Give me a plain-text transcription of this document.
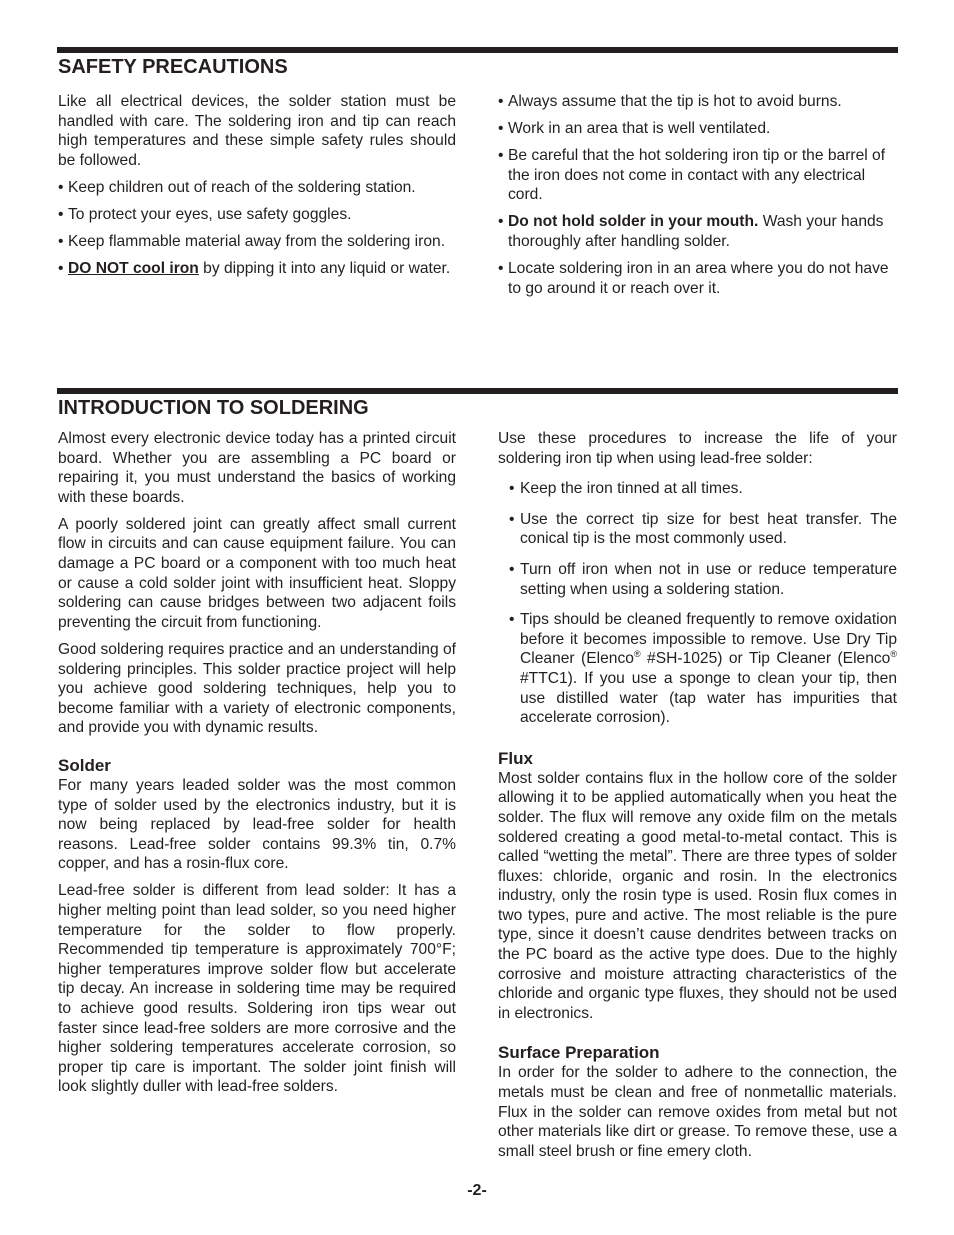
SAFETY PRECAUTIONS

Like all electrical devices, the solder station must be handled with care. The soldering iron and tip can reach high temperatures and these simple safety rules should be followed.

• Keep children out of reach of the soldering station.
• To protect your eyes, use safety goggles.
• Keep flammable material away from the soldering iron.
• DO NOT cool iron by dipping it into any liquid or water.
• Always assume that the tip is hot to avoid burns.
• Work in an area that is well ventilated.
• Be careful that the hot soldering iron tip or the barrel of the iron does not come in contact with any electrical cord.
• Do not hold solder in your mouth. Wash your hands thoroughly after handling solder.
• Locate soldering iron in an area where you do not have to go around it or reach over it.
INTRODUCTION TO SOLDERING

Almost every electronic device today has a printed circuit board. Whether you are assembling a PC board or repairing it, you must understand the basics of working with these boards.

A poorly soldered joint can greatly affect small current flow in circuits and can cause equipment failure. You can damage a PC board or a component with too much heat or cause a cold solder joint with insufficient heat. Sloppy soldering can cause bridges between two adjacent foils preventing the circuit from functioning.

Good soldering requires practice and an understanding of soldering principles. This solder practice project will help you achieve good soldering techniques, help you to become familiar with a variety of electronic components, and provide you with dynamic results.

Solder

For many years leaded solder was the most common type of solder used by the electronics industry, but it is now being replaced by lead-free solder for health reasons. Lead-free solder contains 99.3% tin, 0.7% copper, and has a rosin-flux core.

Lead-free solder is different from lead solder: It has a higher melting point than lead solder, so you need higher temperature for the solder to flow properly. Recommended tip temperature is approximately 700°F; higher temperatures improve solder flow but accelerate tip decay. An increase in soldering time may be required to achieve good results. Soldering iron tips wear out faster since lead-free solders are more corrosive and the higher soldering temperatures accelerate corrosion, so proper tip care is important. The solder joint finish will look slightly duller with lead-free solders.

Use these procedures to increase the life of your soldering iron tip when using lead-free solder:

• Keep the iron tinned at all times.
• Use the correct tip size for best heat transfer. The conical tip is the most commonly used.
• Turn off iron when not in use or reduce temperature setting when using a soldering station.
• Tips should be cleaned frequently to remove oxidation before it becomes impossible to remove. Use Dry Tip Cleaner (Elenco® #SH-1025) or Tip Cleaner (Elenco® #TTC1). If you use a sponge to clean your tip, then use distilled water (tap water has impurities that accelerate corrosion).
Flux

Most solder contains flux in the hollow core of the solder allowing it to be applied automatically when you heat the solder. The flux will remove any oxide film on the metals soldered creating a good metal-to-metal contact. This is called “wetting the metal”. There are three types of solder fluxes: chloride, organic and rosin. In the electronics industry, only the rosin type is used. Rosin flux comes in two types, pure and active. The most reliable is the pure type, since it doesn’t cause dendrites between tracks on the PC board as the active type does. Due to the highly corrosive and moisture attracting characteristics of the chloride and organic type fluxes, they should not be used in electronics.

Surface Preparation

In order for the solder to adhere to the connection, the metals must be clean and free of nonmetallic materials. Flux in the solder can remove oxides from metal but not other materials like dirt or grease. To remove these, use a small steel brush or fine emery cloth.

-2-
